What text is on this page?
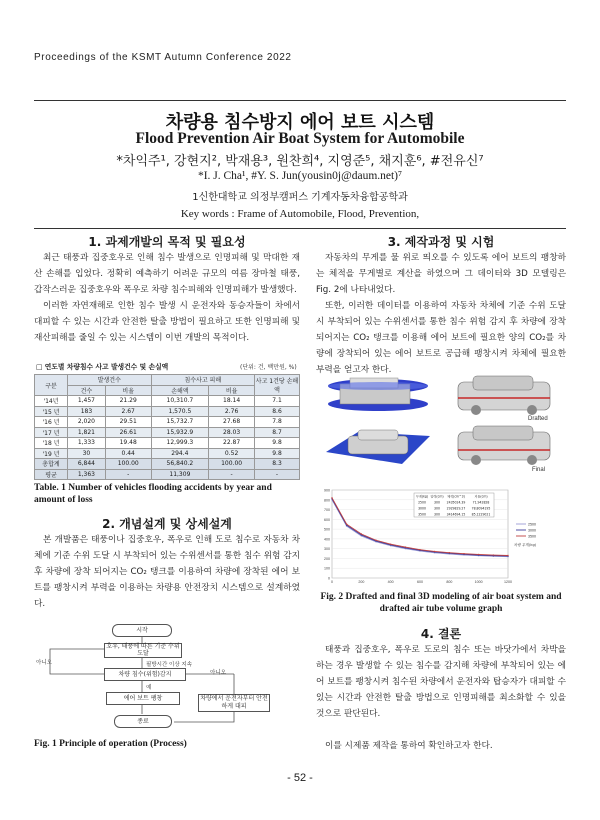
Proceedings of the KSMT Autumn Conference 2022
차량용 침수방지 에어 보트 시스템
Flood Prevention Air Boat System for Automobile
*차익주¹, 강현지², 박재용³, 원찬희⁴, 지영준⁵, 채지훈⁶, #전유신⁷
*I. J. Cha¹, #Y. S. Jun(yousin0j@daum.net)⁷
1신한대학교 의정부캠퍼스 기계자동차융합공학과
Key words : Frame of Automobile, Flood, Prevention,
1. 과제개발의 목적 및 필요성
최근 태풍과 집중호우로 인해 침수 발생으로 인명피해 및 막대한 재산 손해를 입었다. 정확히 예측하기 어려운 규모의 여름 장마철 태풍, 갑작스러운 집중호우와 폭우로 차량 침수피해와 인명피해가 발생했다.
이러한 자연재해로 인한 침수 발생 시 운전자와 동승자들이 차에서 대피할 수 있는 시간과 안전한 탈출 방법이 필요하고 또한 인명피해 및 재산피해를 줄일 수 있는 시스템이 이번 개발의 목적이다.
□ 연도별 차량침수 사고 발생건수 및 손실액	(단위: 건, 백만원, %)
구분	발생건수		침수사고 피해		사고 1건당 손해액
	건수	비율	손해액	비율	
'14년	1,457	21.29	10,310.7	18.14	7.1
'15 년	183	2.67	1,570.5	2.76	8.6
'16 년	2,020	29.51	15,732.7	27.68	7.8
'17 년	1,821	26.61	15,932.9	28.03	8.7
'18 년	1,333	19.48	12,999.3	22.87	9.8
'19 년	30	0.44	294.4	0.52	9.8
총합계	6,844	100.00	56,840.2	100.00	8.3
평균	1,363	-	11,309	-	-
Table. 1 Number of vehicles flooding accidents by year and amount of loss
2. 개념설계 및 상세설계
본 개발품은 태풍이나 집중호우, 폭우로 인해 도로 침수로 자동차 차체에 기준 수위 도달 시 부착되어 있는 수위센서를 통한 침수 위험 감지 후 차량에 장착 되어지는 CO₂ 탱크를 이용하여 차량에 장착된 에어 보트를 팽창시켜 부력을 이용하는 차량용 안전장치 시스템으로 설계하였다.
시작
호우, 태풍에 따른 기준 수위 도달
필방시간 이상 지속
아니오
차량 침수(위험)감지
예
아니오
에어 보트 팽창	차량에서 운전자부터 안전하게 대피
종료
Fig. 1 Principle of operation (Process)
3. 제작과정 및 시험
자동차의 무게를 물 위로 띄오를 수 있도록 에어 보트의 팽창하는 체적을 무게별로 계산을 하였으며 그 데이터와 3D 모델링은 Fig. 2에 나타내었다.
또한, 이러한 데이터를 이용하여 자동차 차체에 기준 수위 도달 시 부착되어 있는 수위센서를 통한 침수 위험 감지 후 차량에 장착 되어지는 CO₂ 탱크를 이용해 에어 보트에 필요한 양의 CO₂를 차량에 장착되어 있는 에어 보트로 공급해 팽창시켜 차체에 필요한 부력을 얻고자 한다.
Drafted
Final
0
100
200
300
400
500
600
700
800
900
0	200	400	600	800	1000	1200
무게(kg) 압력(cm) 체적(cm^3)	지름(cm)
2500	300 2435024.39 71.942828
3000	300 2929829.27 78.8094195
3500	300 3414694.15 85.1229021
2500
3000
3500
차량 무게(kg)
Fig. 2 Drafted and final 3D modeling of air boat system and drafted air tube volume graph
4. 결론
태풍과 집중호우, 폭우로 도로의 침수 또는 바닷가에서 차박을 하는 경우 발생할 수 있는 침수를 감지해 차량에 부착되어 있는 에어 보트를 팽창시켜 침수된 차량에서 운전자와 탑승자가 대피할 수 있는 시간과 안전한 탈출 방법으로 인명피해를 최소화할 수 있을 것으로 판단된다.
이를 시제품 제작을 통하여 확인하고자 한다.
- 52 -
